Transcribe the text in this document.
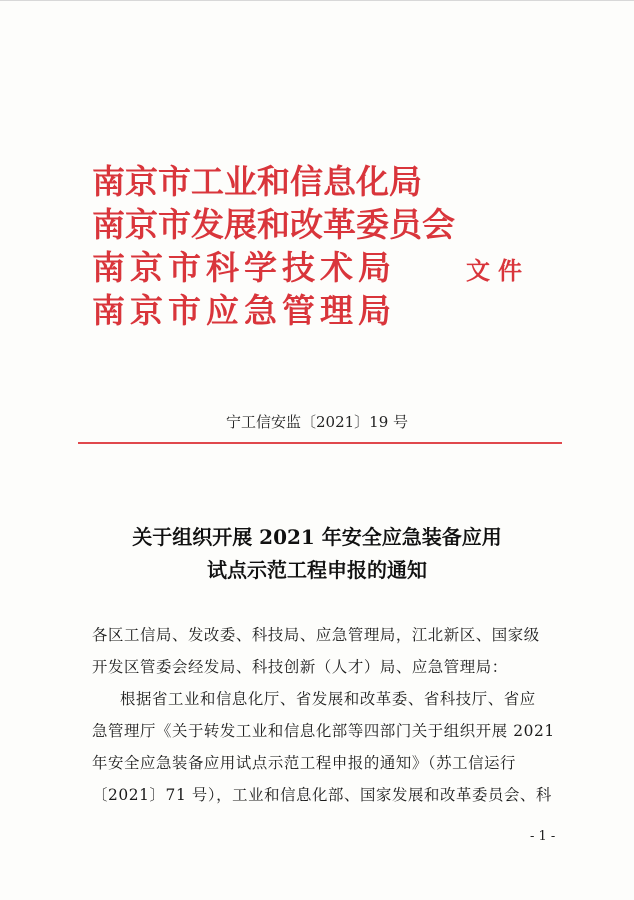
南京市工业和信息化局
南京市发展和改革委员会
南京市科学技术局
南京市应急管理局
文件
宁工信安监〔2021〕19 号
关于组织开展 2021 年安全应急装备应用
试点示范工程申报的通知
各区工信局、发改委、科技局、应急管理局，江北新区、国家级
开发区管委会经发局、科技创新（人才）局、应急管理局：
根据省工业和信息化厅、省发展和改革委、省科技厅、省应
急管理厅《关于转发工业和信息化部等四部门关于组织开展 2021
年安全应急装备应用试点示范工程申报的通知》（苏工信运行
〔2021〕71 号），工业和信息化部、国家发展和改革委员会、科
- 1 -
